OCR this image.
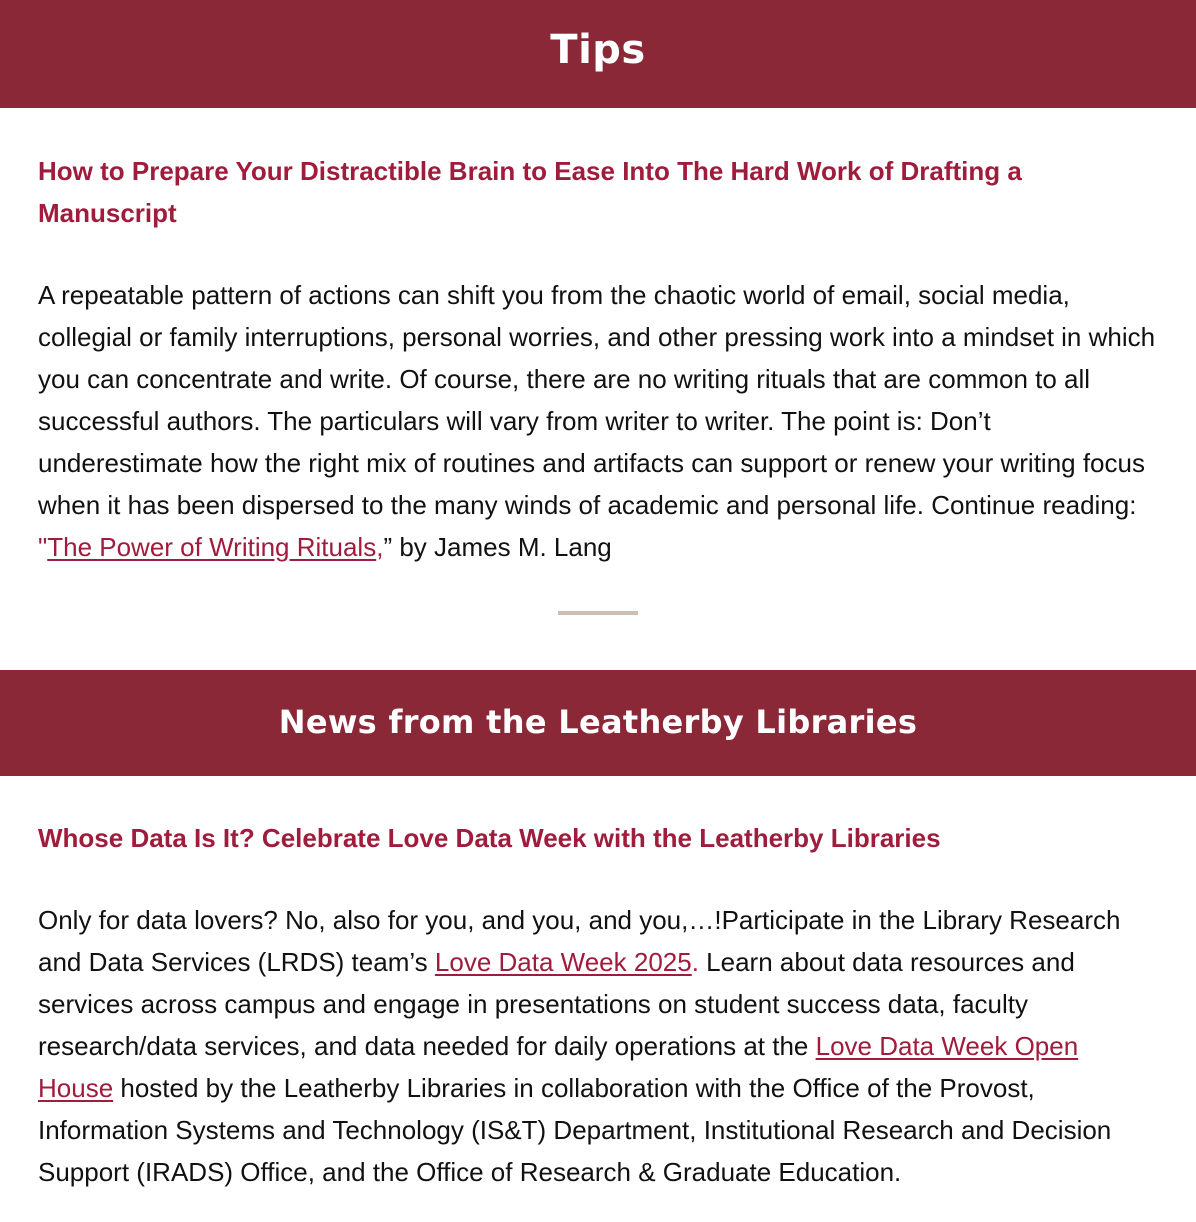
Tips
How to Prepare Your Distractible Brain to Ease Into The Hard Work of Drafting a Manuscript

A repeatable pattern of actions can shift you from the chaotic world of email, social media, collegial or family interruptions, personal worries, and other pressing work into a mindset in which you can concentrate and write. Of course, there are no writing rituals that are common to all successful authors. The particulars will vary from writer to writer. The point is: Don’t underestimate how the right mix of routines and artifacts can support or renew your writing focus when it has been dispersed to the many winds of academic and personal life. Continue reading: "The Power of Writing Rituals,” by James M. Lang

News from the Leatherby Libraries
Whose Data Is It? Celebrate Love Data Week with the Leatherby Libraries

Only for data lovers? No, also for you, and you, and you,…!Participate in the Library Research and Data Services (LRDS) team’s Love Data Week 2025. Learn about data resources and services across campus and engage in presentations on student success data, faculty research/data services, and data needed for daily operations at the Love Data Week Open House hosted by the Leatherby Libraries in collaboration with the Office of the Provost, Information Systems and Technology (IS&T) Department, Institutional Research and Decision Support (IRADS) Office, and the Office of Research & Graduate Education.
